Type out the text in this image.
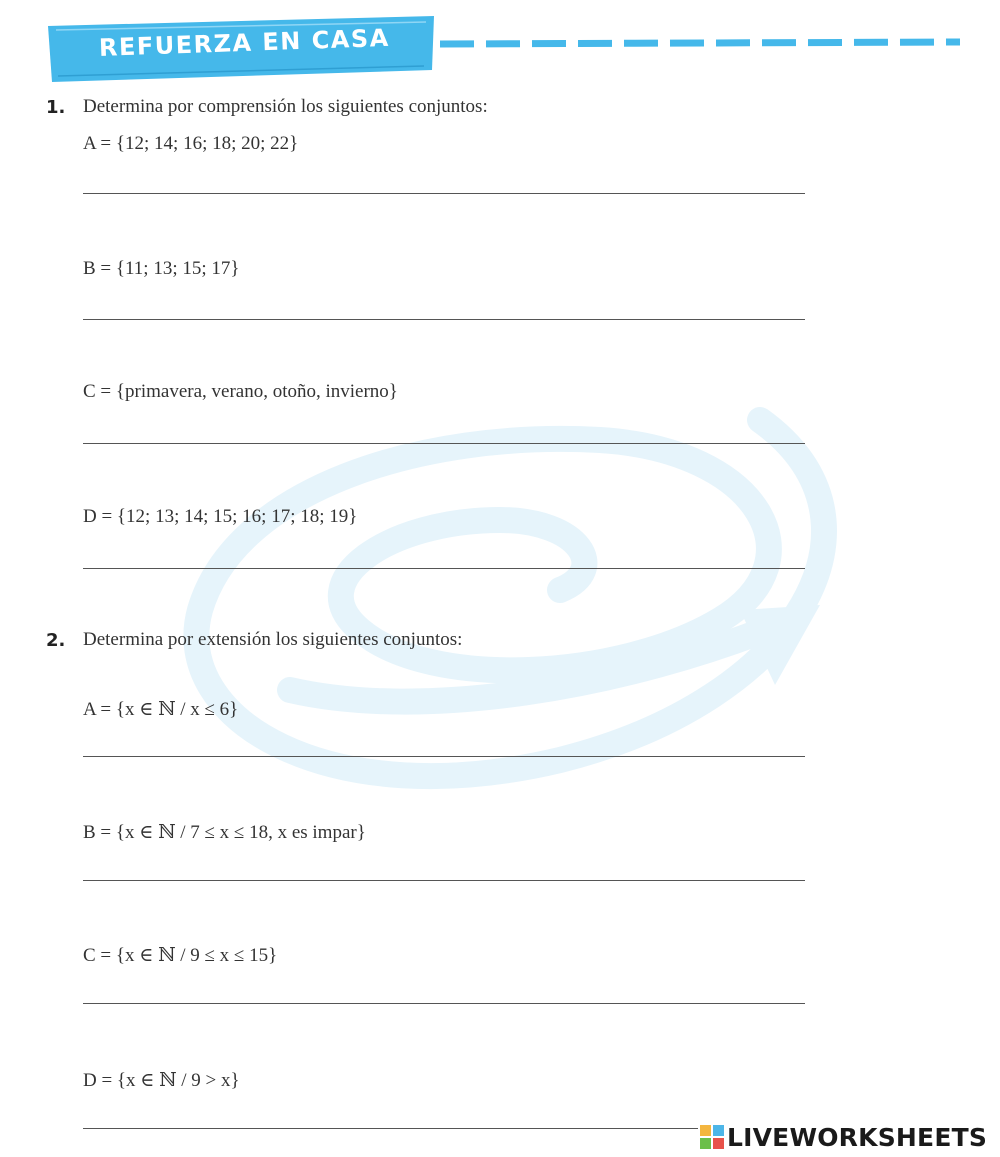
REFUERZA EN CASA
1. Determina por comprensión los siguientes conjuntos:
A = {12; 14; 16; 18; 20; 22}
B = {11; 13; 15; 17}
C = {primavera, verano, otoño, invierno}
D = {12; 13; 14; 15; 16; 17; 18; 19}
2. Determina por extensión los siguientes conjuntos:
A = {x ∈ ℕ / x ≤ 6}
B = {x ∈ ℕ / 7 ≤ x ≤ 18, x es impar}
C = {x ∈ ℕ / 9 ≤ x ≤ 15}
D = {x ∈ ℕ / 9 > x}
LIVEWORKSHEETS
